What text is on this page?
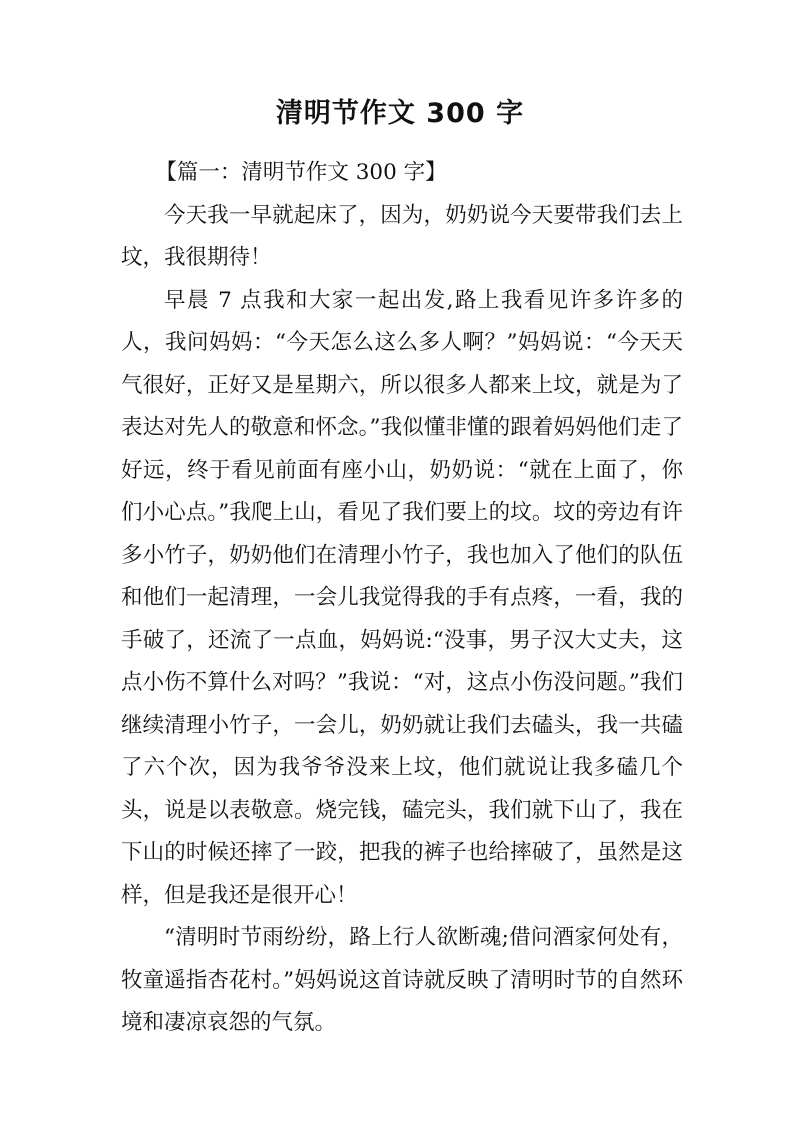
清明节作文 300 字

【篇一：清明节作文 300 字】

今天我一早就起床了，因为，奶奶说今天要带我们去上坟，我很期待！

早晨 7 点我和大家一起出发,路上我看见许多许多的人，我问妈妈：“今天怎么这么多人啊？”妈妈说：“今天天气很好，正好又是星期六，所以很多人都来上坟，就是为了表达对先人的敬意和怀念。”我似懂非懂的跟着妈妈他们走了好远，终于看见前面有座小山，奶奶说：“就在上面了，你们小心点。”我爬上山，看见了我们要上的坟。坟的旁边有许多小竹子，奶奶他们在清理小竹子，我也加入了他们的队伍和他们一起清理，一会儿我觉得我的手有点疼，一看，我的手破了，还流了一点血，妈妈说:“没事，男子汉大丈夫，这点小伤不算什么对吗？”我说：“对，这点小伤没问题。”我们继续清理小竹子，一会儿，奶奶就让我们去磕头，我一共磕了六个次，因为我爷爷没来上坟，他们就说让我多磕几个头，说是以表敬意。烧完钱，磕完头，我们就下山了，我在下山的时候还摔了一跤，把我的裤子也给摔破了，虽然是这样，但是我还是很开心！

“清明时节雨纷纷，路上行人欲断魂;借问酒家何处有，牧童遥指杏花村。”妈妈说这首诗就反映了清明时节的自然环境和凄凉哀怨的气氛。
